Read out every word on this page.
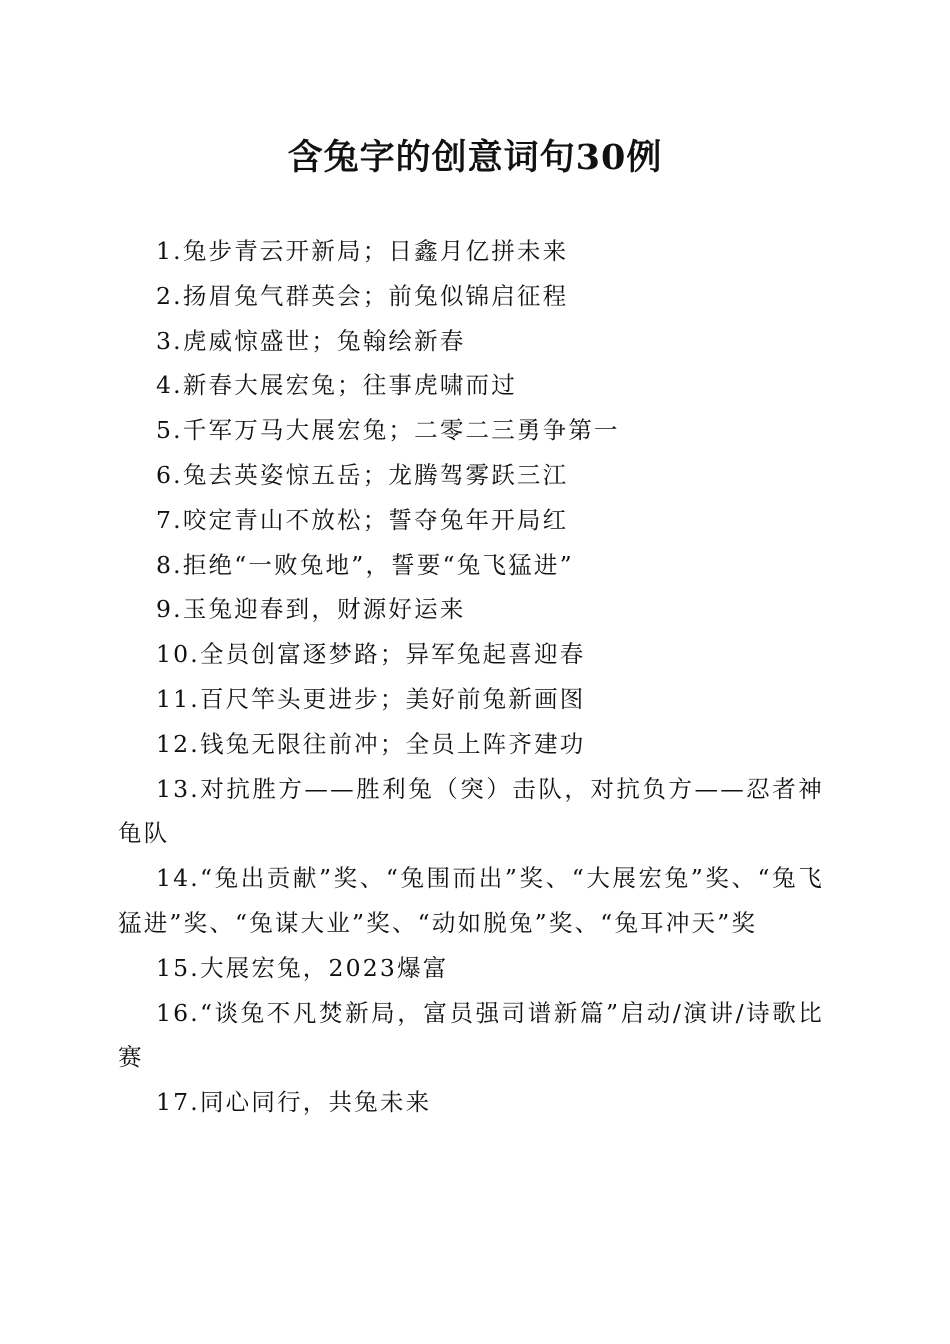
含兔字的创意词句30例

1.兔步青云开新局；日鑫月亿拼未来

2.扬眉兔气群英会；前兔似锦启征程

3.虎威惊盛世；兔翰绘新春

4.新春大展宏兔；往事虎啸而过

5.千军万马大展宏兔；二零二三勇争第一

6.兔去英姿惊五岳；龙腾驾雾跃三江

7.咬定青山不放松；誓夺兔年开局红

8.拒绝“一败兔地”，誓要“兔飞猛进”

9.玉兔迎春到，财源好运来

10.全员创富逐梦路；异军兔起喜迎春

11.百尺竿头更进步；美好前兔新画图

12.钱兔无限往前冲；全员上阵齐建功

13.对抗胜方——胜利兔（突）击队，对抗负方——忍者神龟队

14.“兔出贡献”奖、“兔围而出”奖、“大展宏兔”奖、“兔飞猛进”奖、“兔谋大业”奖、“动如脱兔”奖、“兔耳冲天”奖

15.大展宏兔，2023爆富

16.“谈兔不凡焚新局，富员强司谱新篇”启动/演讲/诗歌比赛

17.同心同行，共兔未来
